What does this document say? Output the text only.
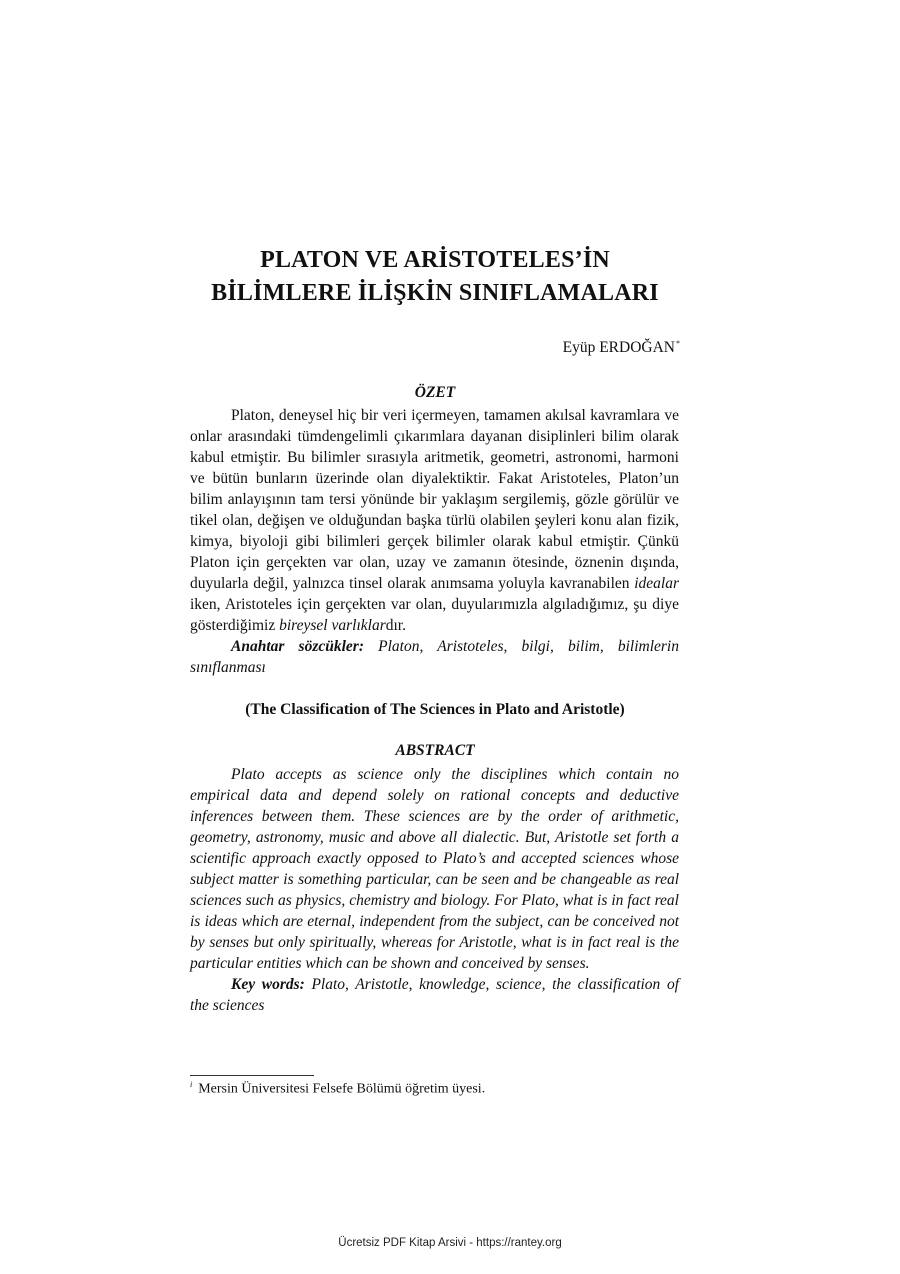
PLATON VE ARİSTOTELES’İN
BİLİMLERE İLİŞKİN SINIFLAMALARI
Eyüp ERDOĞAN*
ÖZET

Platon, deneysel hiç bir veri içermeyen, tamamen akılsal kavramlara ve onlar arasındaki tümdengelimli çıkarımlara dayanan disiplinleri bilim olarak kabul etmiştir. Bu bilimler sırasıyla aritmetik, geometri, astronomi, harmoni ve bütün bunların üzerinde olan diyalektiktir. Fakat Aristoteles, Platon’un bilim anlayışının tam tersi yönünde bir yaklaşım sergilemiş, gözle görülür ve tikel olan, değişen ve olduğundan başka türlü olabilen şeyleri konu alan fizik, kimya, biyoloji gibi bilimleri gerçek bilimler olarak kabul etmiştir. Çünkü Platon için gerçekten var olan, uzay ve zamanın ötesinde, öznenin dışında, duyularla değil, yalnızca tinsel olarak anımsama yoluyla kavranabilen idealar iken, Aristoteles için gerçekten var olan, duyularımızla algıladığımız, şu diye gösterdiğimiz bireysel varlıklardır.

Anahtar sözcükler: Platon, Aristoteles, bilgi, bilim, bilimlerin sınıflanması

(The Classification of The Sciences in Plato and Aristotle)
ABSTRACT

Plato accepts as science only the disciplines which contain no empirical data and depend solely on rational concepts and deductive inferences between them. These sciences are by the order of arithmetic, geometry, astronomy, music and above all dialectic. But, Aristotle set forth a scientific approach exactly opposed to Plato’s and accepted sciences whose subject matter is something particular, can be seen and be changeable as real sciences such as physics, chemistry and biology. For Plato, what is in fact real is ideas which are eternal, independent from the subject, can be conceived not by senses but only spiritually, whereas for Aristotle, what is in fact real is the particular entities which can be shown and conceived by senses.

Key words: Plato, Aristotle, knowledge, science, the classification of the sciences

$^i$ Mersin Üniversitesi Felsefe Bölümü öğretim üyesi.
Ücretsiz PDF Kitap Arsivi - https://rantey.org
